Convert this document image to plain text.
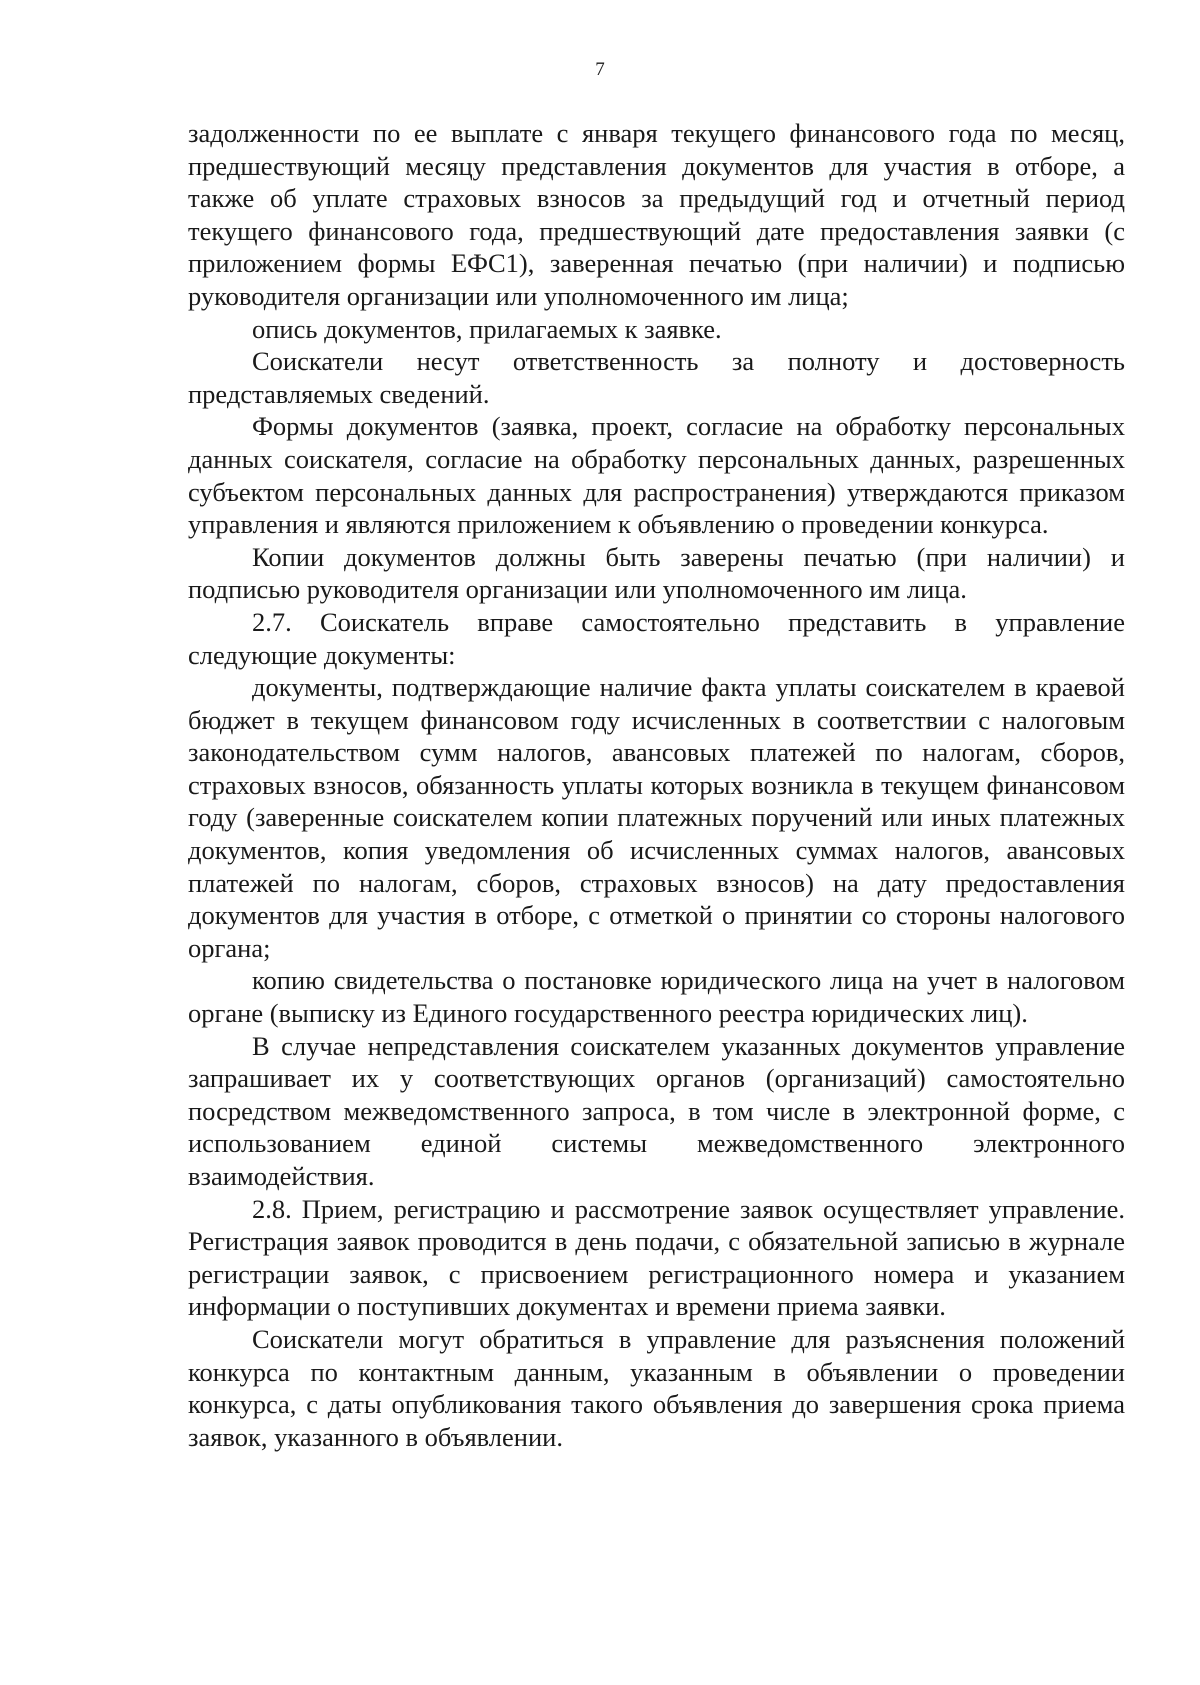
7

задолженности по ее выплате с января текущего финансового года по месяц, предшествующий месяцу представления документов для участия в отборе, а также об уплате страховых взносов за предыдущий год и отчетный период текущего финансового года, предшествующий дате предоставления заявки (с приложением формы ЕФС1), заверенная печатью (при наличии) и подписью руководителя организации или уполномоченного им лица;

опись документов, прилагаемых к заявке.

Соискатели несут ответственность за полноту и достоверность представляемых сведений.

Формы документов (заявка, проект, согласие на обработку персональных данных соискателя, согласие на обработку персональных данных, разрешенных субъектом персональных данных для распространения) утверждаются приказом управления и являются приложением к объявлению о проведении конкурса.

Копии документов должны быть заверены печатью (при наличии) и подписью руководителя организации или уполномоченного им лица.

2.7. Соискатель вправе самостоятельно представить в управление следующие документы:

документы, подтверждающие наличие факта уплаты соискателем в краевой бюджет в текущем финансовом году исчисленных в соответствии с налоговым законодательством сумм налогов, авансовых платежей по налогам, сборов, страховых взносов, обязанность уплаты которых возникла в текущем финансовом году (заверенные соискателем копии платежных поручений или иных платежных документов, копия уведомления об исчисленных суммах налогов, авансовых платежей по налогам, сборов, страховых взносов) на дату предоставления документов для участия в отборе, с отметкой о принятии со стороны налогового органа;

копию свидетельства о постановке юридического лица на учет в налоговом органе (выписку из Единого государственного реестра юридических лиц).

В случае непредставления соискателем указанных документов управление запрашивает их у соответствующих органов (организаций) самостоятельно посредством межведомственного запроса, в том числе в электронной форме, с использованием единой системы межведомственного электронного взаимодействия.

2.8. Прием, регистрацию и рассмотрение заявок осуществляет управление. Регистрация заявок проводится в день подачи, с обязательной записью в журнале регистрации заявок, с присвоением регистрационного номера и указанием информации о поступивших документах и времени приема заявки.

Соискатели могут обратиться в управление для разъяснения положений конкурса по контактным данным, указанным в объявлении о проведении конкурса, с даты опубликования такого объявления до завершения срока приема заявок, указанного в объявлении.
